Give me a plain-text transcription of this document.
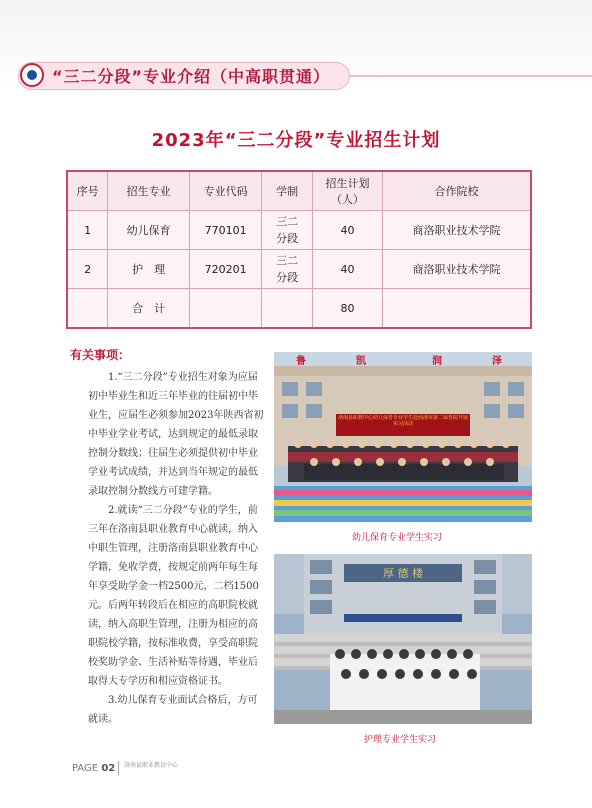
“三二分段”专业介绍（中高职贯通）
2023年“三二分段”专业招生计划
序号	招生专业	专业代码	学制	招生计划（人）	合作院校
1	幼儿保育	770101	三二分段	40	商洛职业技术学院
2	护　理	720201	三二分段	40	商洛职业技术学院
	合　计			80	
有关事项：

1.“三二分段”专业招生对象为应届初中毕业生和近三年毕业的往届初中毕业生，应届生必须参加2023年陕西省初中毕业学业考试，达到规定的最低录取控制分数线；往届生必须提供初中毕业学业考试成绩，并达到当年规定的最低录取控制分数线方可建学籍。

2.就读“三二分段”专业的学生，前三年在洛南县职业教育中心就读，纳入中职生管理，注册洛南县职业教育中心学籍，免收学费，按规定前两年每生每年享受助学金一档2500元，二档1500元。后两年转段后在相应的高职院校就读，纳入高职生管理，注册为相应的高职院校学籍，按标准收费，享受高职院校奖助学金、生活补贴等待遇，毕业后取得大专学历和相应资格证书。

3.幼儿保育专业面试合格后，方可就读。

鲁	凯	润	泽
洛南县职教中心幼儿保育专业学生赴商洛市第二保育院开展实习活动
幼儿保育专业学生实习
厚 德 楼
护理专业学生实习
PAGE 02 洛南县职业教育中心
